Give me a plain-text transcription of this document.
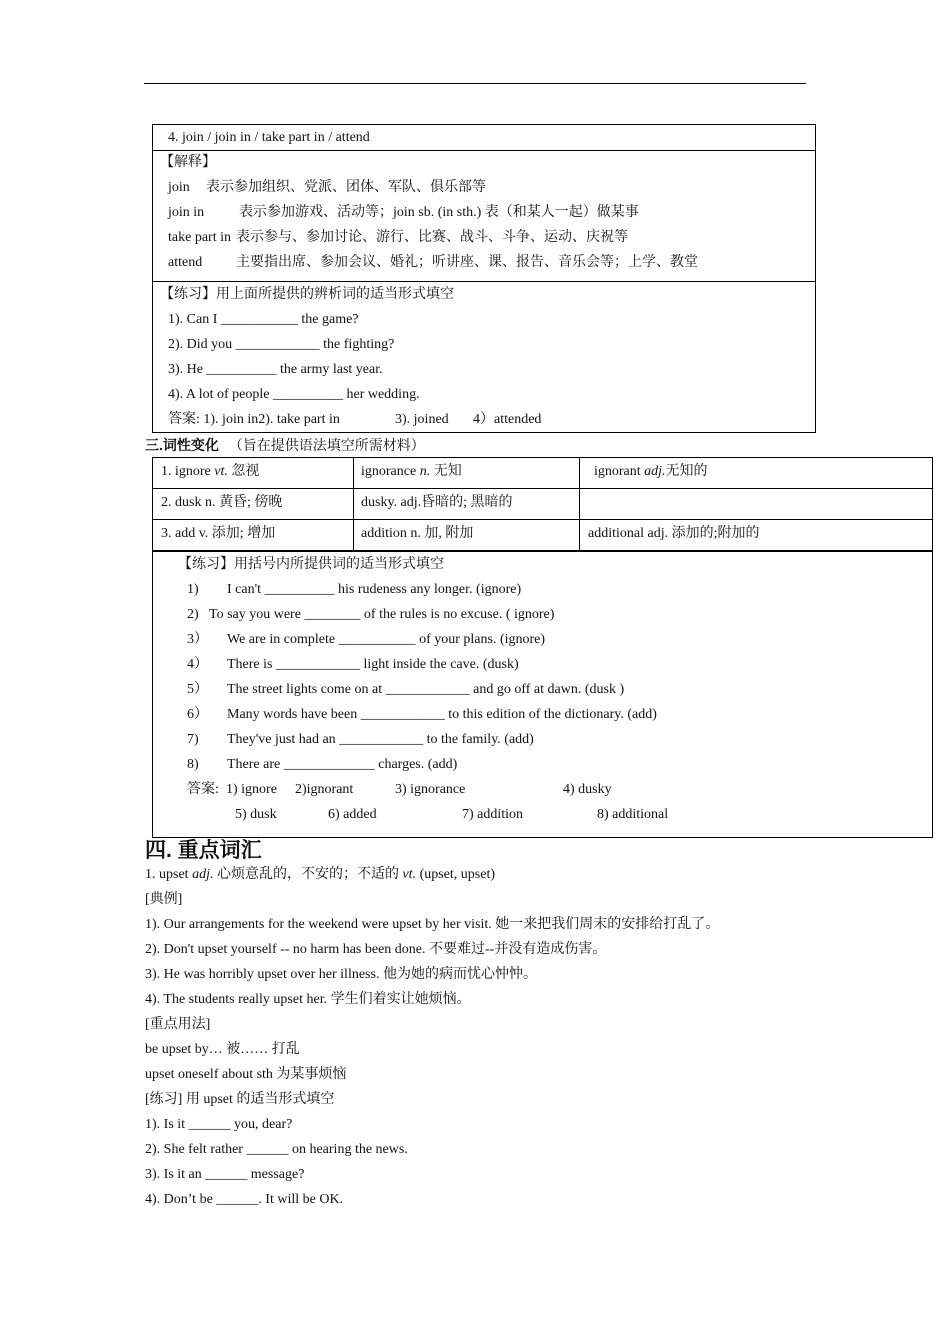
4. join / join in / take part in / attend
【解释】
join 表示参加组织、党派、团体、军队、俱乐部等
join in 表示参加游戏、活动等；join sb. (in sth.) 表（和某人一起）做某事
take part in 表示参与、参加讨论、游行、比赛、战斗、斗争、运动、庆祝等
attend 主要指出席、参加会议、婚礼；听讲座、课、报告、音乐会等；上学、教堂
【练习】用上面所提供的辨析词的适当形式填空
1). Can I ___________ the game?
2). Did you ____________ the fighting?
3). He __________ the army last year.
4). A lot of people __________ her wedding.
答案: 1). join in2). take part in	3). joined 4）attended
三.词性变化 （旨在提供语法填空所需材料）
1. ignore vt. 忽视	ignorance n. 无知	ignorant adj.无知的
2. dusk n. 黄昏; 傍晚	dusky. adj.昏暗的; 黑暗的
3. add v. 添加; 增加	addition n. 加, 附加	additional adj. 添加的;附加的
【练习】用括号内所提供词的适当形式填空
1) I can't __________ his rudeness any longer. (ignore)
2) To say you were ________ of the rules is no excuse. ( ignore)
3） We are in complete ___________ of your plans. (ignore)
4） There is ____________ light inside the cave. (dusk)
5） The street lights come on at ____________ and go off at dawn. (dusk )
6） Many words have been ____________ to this edition of the dictionary. (add)
7) They've just had an ____________ to the family. (add)
8) There are _____________ charges. (add)
答案: 1) ignore 2)ignorant	3) ignorance	4) dusky
5) dusk	6) added	7) addition	8) additional
四. 重点词汇
1. upset adj. 心烦意乱的，不安的；不适的 vt. (upset, upset)
[典例]
1). Our arrangements for the weekend were upset by her visit. 她一来把我们周末的安排给打乱了。
2). Don't upset yourself -- no harm has been done. 不要难过--并没有造成伤害。
3). He was horribly upset over her illness. 他为她的病而忧心忡忡。
4). The students really upset her. 学生们着实让她烦恼。
[重点用法]
be upset by… 被…… 打乱
upset oneself about sth 为某事烦恼
[练习] 用 upset 的适当形式填空
1). Is it ______ you, dear?
2). She felt rather ______ on hearing the news.
3). Is it an ______ message?
4). Don’t be ______. It will be OK.
